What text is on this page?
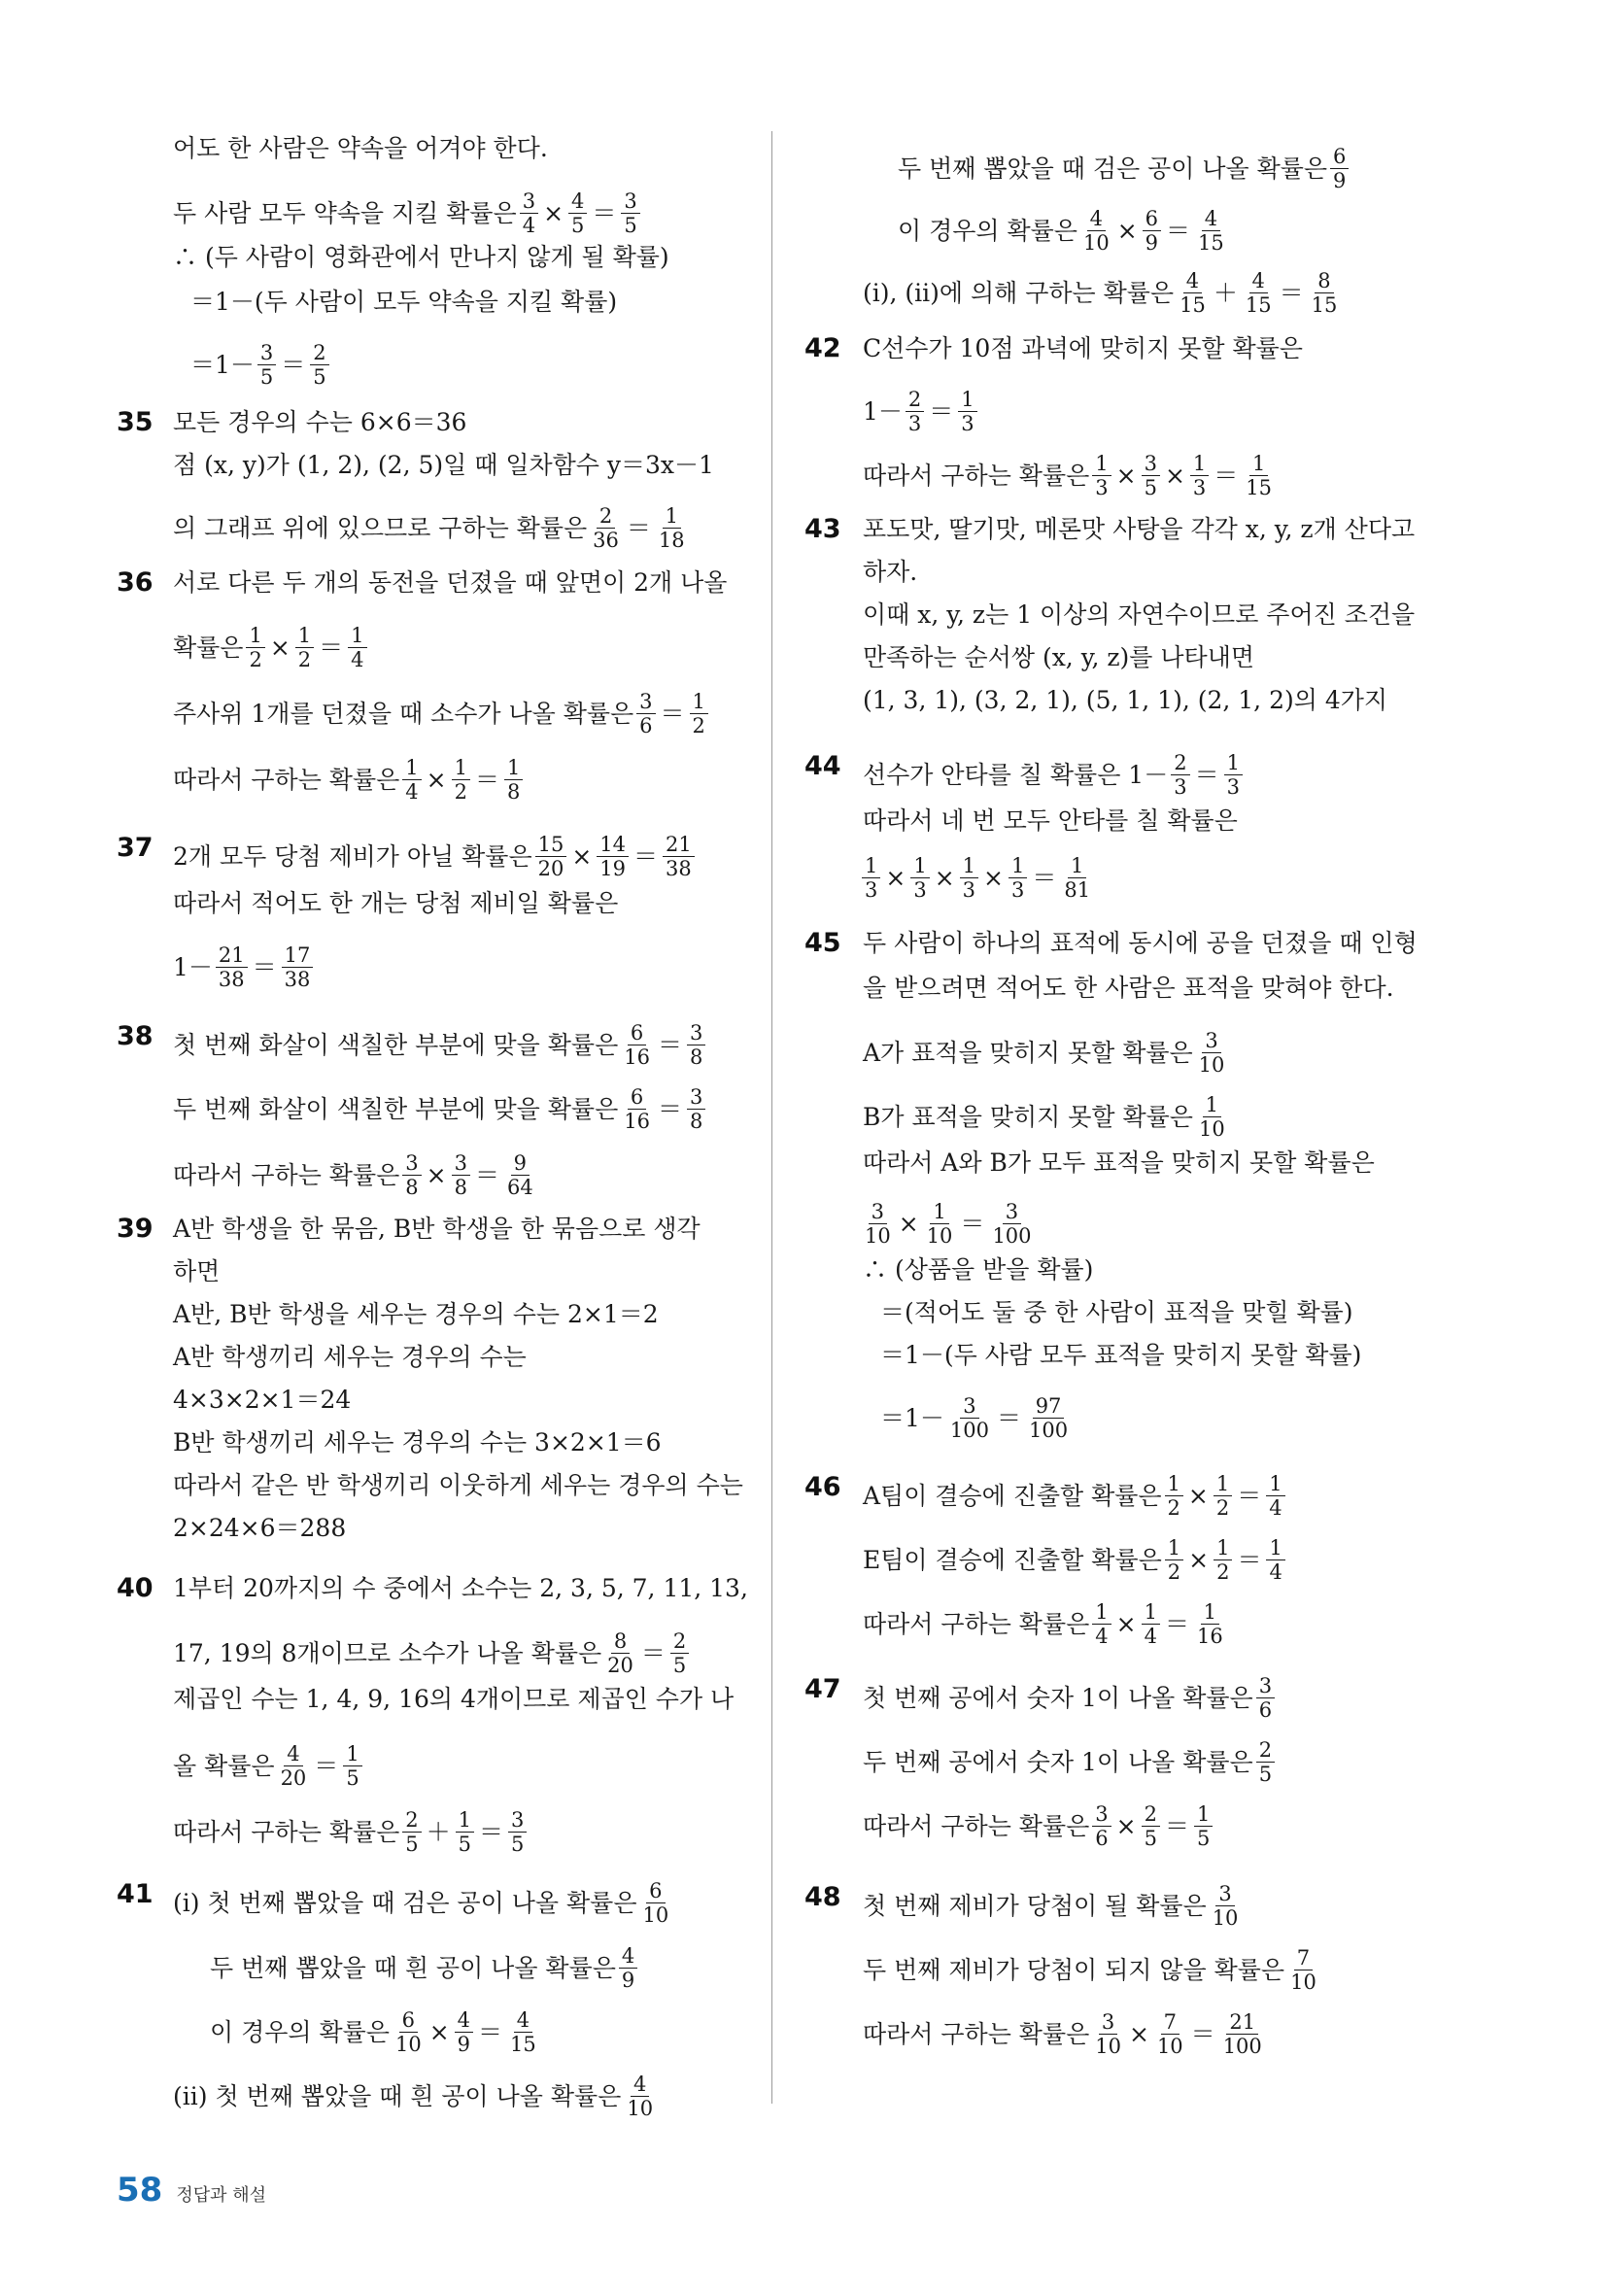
어도 한 사람은 약속을 어겨야 한다.
두 사람 모두 약속을 지킬 확률은 $\frac{3}{4} \times \frac{4}{5} = \frac{3}{5}$
∴ (두 사람이 영화관에서 만나지 않게 될 확률)
＝1－(두 사람이 모두 약속을 지킬 확률)
$=1- \frac{3}{5} = \frac{2}{5}$
35 모든 경우의 수는 6×6＝36
점 (x, y)가 (1, 2), (2, 5)일 때 일차함수 y＝3x－1
의 그래프 위에 있으므로 구하는 확률은 $\frac{2}{36} = \frac{1}{18}$
36 서로 다른 두 개의 동전을 던졌을 때 앞면이 2개 나올
확률은 $\frac{1}{2} \times \frac{1}{2} = \frac{1}{4}$
주사위 1개를 던졌을 때 소수가 나올 확률은 $\frac{3}{6} = \frac{1}{2}$
따라서 구하는 확률은 $\frac{1}{4} \times \frac{1}{2} = \frac{1}{8}$
37 2개 모두 당첨 제비가 아닐 확률은 $\frac{15}{20} \times \frac{14}{19} = \frac{21}{38}$
따라서 적어도 한 개는 당첨 제비일 확률은
$1- \frac{21}{38} = \frac{17}{38}$
38 첫 번째 화살이 색칠한 부분에 맞을 확률은 $\frac{6}{16} = \frac{3}{8}$
두 번째 화살이 색칠한 부분에 맞을 확률은 $\frac{6}{16} = \frac{3}{8}$
따라서 구하는 확률은 $\frac{3}{8} \times \frac{3}{8} = \frac{9}{64}$
39 A반 학생을 한 묶음, B반 학생을 한 묶음으로 생각
하면
A반, B반 학생을 세우는 경우의 수는 2×1＝2
A반 학생끼리 세우는 경우의 수는
4×3×2×1＝24
B반 학생끼리 세우는 경우의 수는 3×2×1＝6
따라서 같은 반 학생끼리 이웃하게 세우는 경우의 수는
2×24×6＝288
40 1부터 20까지의 수 중에서 소수는 2, 3, 5, 7, 11, 13,
17, 19의 8개이므로 소수가 나올 확률은 $\frac{8}{20} = \frac{2}{5}$
제곱인 수는 1, 4, 9, 16의 4개이므로 제곱인 수가 나
올 확률은 $\frac{4}{20} = \frac{1}{5}$
따라서 구하는 확률은 $\frac{2}{5} + \frac{1}{5} = \frac{3}{5}$
41 (ⅰ) 첫 번째 뽑았을 때 검은 공이 나올 확률은 $\frac{6}{10}$
두 번째 뽑았을 때 흰 공이 나올 확률은 $\frac{4}{9}$
이 경우의 확률은 $\frac{6}{10} \times \frac{4}{9} = \frac{4}{15}$
(ⅱ) 첫 번째 뽑았을 때 흰 공이 나올 확률은 $\frac{4}{10}$
두 번째 뽑았을 때 검은 공이 나올 확률은 $\frac{6}{9}$
이 경우의 확률은 $\frac{4}{10} \times \frac{6}{9} = \frac{4}{15}$
(ⅰ), (ⅱ)에 의해 구하는 확률은 $\frac{4}{15} + \frac{4}{15} = \frac{8}{15}$
42 C선수가 10점 과녁에 맞히지 못할 확률은
$1- \frac{2}{3} = \frac{1}{3}$
따라서 구하는 확률은 $\frac{1}{3} \times \frac{3}{5} \times \frac{1}{3} = \frac{1}{15}$
43 포도맛, 딸기맛, 메론맛 사탕을 각각 x, y, z개 산다고
하자.
이때 x, y, z는 1 이상의 자연수이므로 주어진 조건을
만족하는 순서쌍 (x, y, z)를 나타내면
(1, 3, 1), (3, 2, 1), (5, 1, 1), (2, 1, 2)의 4가지
44 선수가 안타를 칠 확률은 $1- \frac{2}{3} = \frac{1}{3}$
따라서 네 번 모두 안타를 칠 확률은
$\frac{1}{3} \times \frac{1}{3} \times \frac{1}{3} \times \frac{1}{3} = \frac{1}{81}$
45 두 사람이 하나의 표적에 동시에 공을 던졌을 때 인형
을 받으려면 적어도 한 사람은 표적을 맞혀야 한다.
A가 표적을 맞히지 못할 확률은 $\frac{3}{10}$
B가 표적을 맞히지 못할 확률은 $\frac{1}{10}$
따라서 A와 B가 모두 표적을 맞히지 못할 확률은
$\frac{3}{10} \times \frac{1}{10} = \frac{3}{100}$
∴ (상품을 받을 확률)
＝(적어도 둘 중 한 사람이 표적을 맞힐 확률)
＝1－(두 사람 모두 표적을 맞히지 못할 확률)
$=1- \frac{3}{100} = \frac{97}{100}$
46 A팀이 결승에 진출할 확률은 $\frac{1}{2} \times \frac{1}{2} = \frac{1}{4}$
E팀이 결승에 진출할 확률은 $\frac{1}{2} \times \frac{1}{2} = \frac{1}{4}$
따라서 구하는 확률은 $\frac{1}{4} \times \frac{1}{4} = \frac{1}{16}$
47 첫 번째 공에서 숫자 1이 나올 확률은 $\frac{3}{6}$
두 번째 공에서 숫자 1이 나올 확률은 $\frac{2}{5}$
따라서 구하는 확률은 $\frac{3}{6} \times \frac{2}{5} = \frac{1}{5}$
48 첫 번째 제비가 당첨이 될 확률은 $\frac{3}{10}$
두 번째 제비가 당첨이 되지 않을 확률은 $\frac{7}{10}$
따라서 구하는 확률은 $\frac{3}{10} \times \frac{7}{10} = \frac{21}{100}$
58 정답과 해설
